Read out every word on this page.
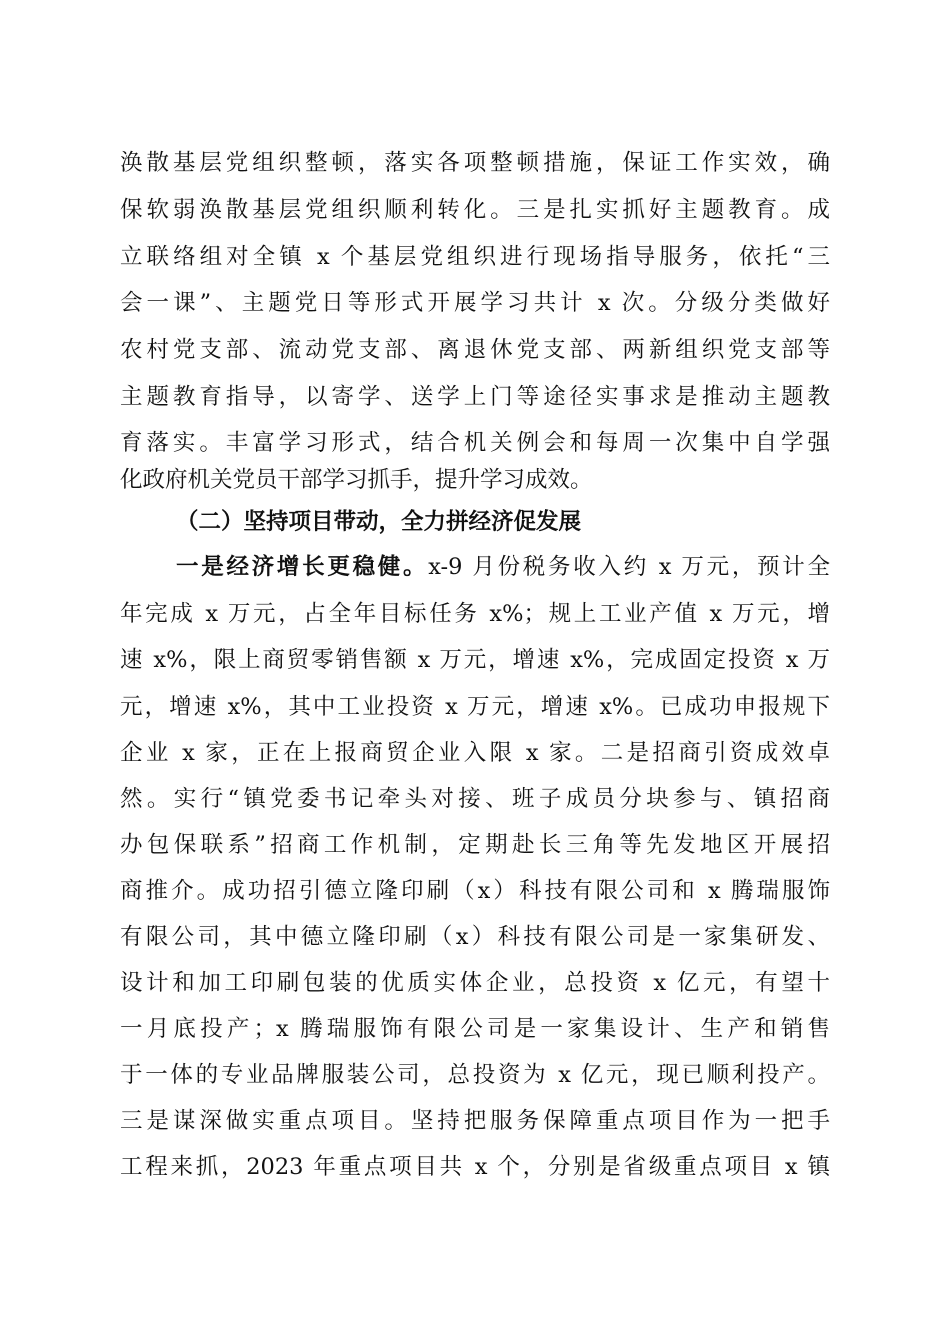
涣散基层党组织整顿，落实各项整顿措施，保证工作实效，确
保软弱涣散基层党组织顺利转化。三是扎实抓好主题教育。成
立联络组对全镇 x 个基层党组织进行现场指导服务，依托“三
会一课”、主题党日等形式开展学习共计 x 次。分级分类做好
农村党支部、流动党支部、离退休党支部、两新组织党支部等
主题教育指导，以寄学、送学上门等途径实事求是推动主题教
育落实。丰富学习形式，结合机关例会和每周一次集中自学强
化政府机关党员干部学习抓手，提升学习成效。
（二）坚持项目带动，全力拼经济促发展
一是经济增长更稳健。x-9 月份税务收入约 x 万元，预计全
年完成 x 万元，占全年目标任务 x%；规上工业产值 x 万元，增
速 x%，限上商贸零销售额 x 万元，增速 x%，完成固定投资 x 万
元，增速 x%，其中工业投资 x 万元，增速 x%。已成功申报规下
企业 x 家，正在上报商贸企业入限 x 家。二是招商引资成效卓
然。实行“镇党委书记牵头对接、班子成员分块参与、镇招商
办包保联系”招商工作机制，定期赴长三角等先发地区开展招
商推介。成功招引德立隆印刷（x）科技有限公司和 x 腾瑞服饰
有限公司，其中德立隆印刷（x）科技有限公司是一家集研发、
设计和加工印刷包装的优质实体企业，总投资 x 亿元，有望十
一月底投产；x 腾瑞服饰有限公司是一家集设计、生产和销售
于一体的专业品牌服装公司，总投资为 x 亿元，现已顺利投产。
三是谋深做实重点项目。坚持把服务保障重点项目作为一把手
工程来抓，2023 年重点项目共 x 个，分别是省级重点项目 x 镇
